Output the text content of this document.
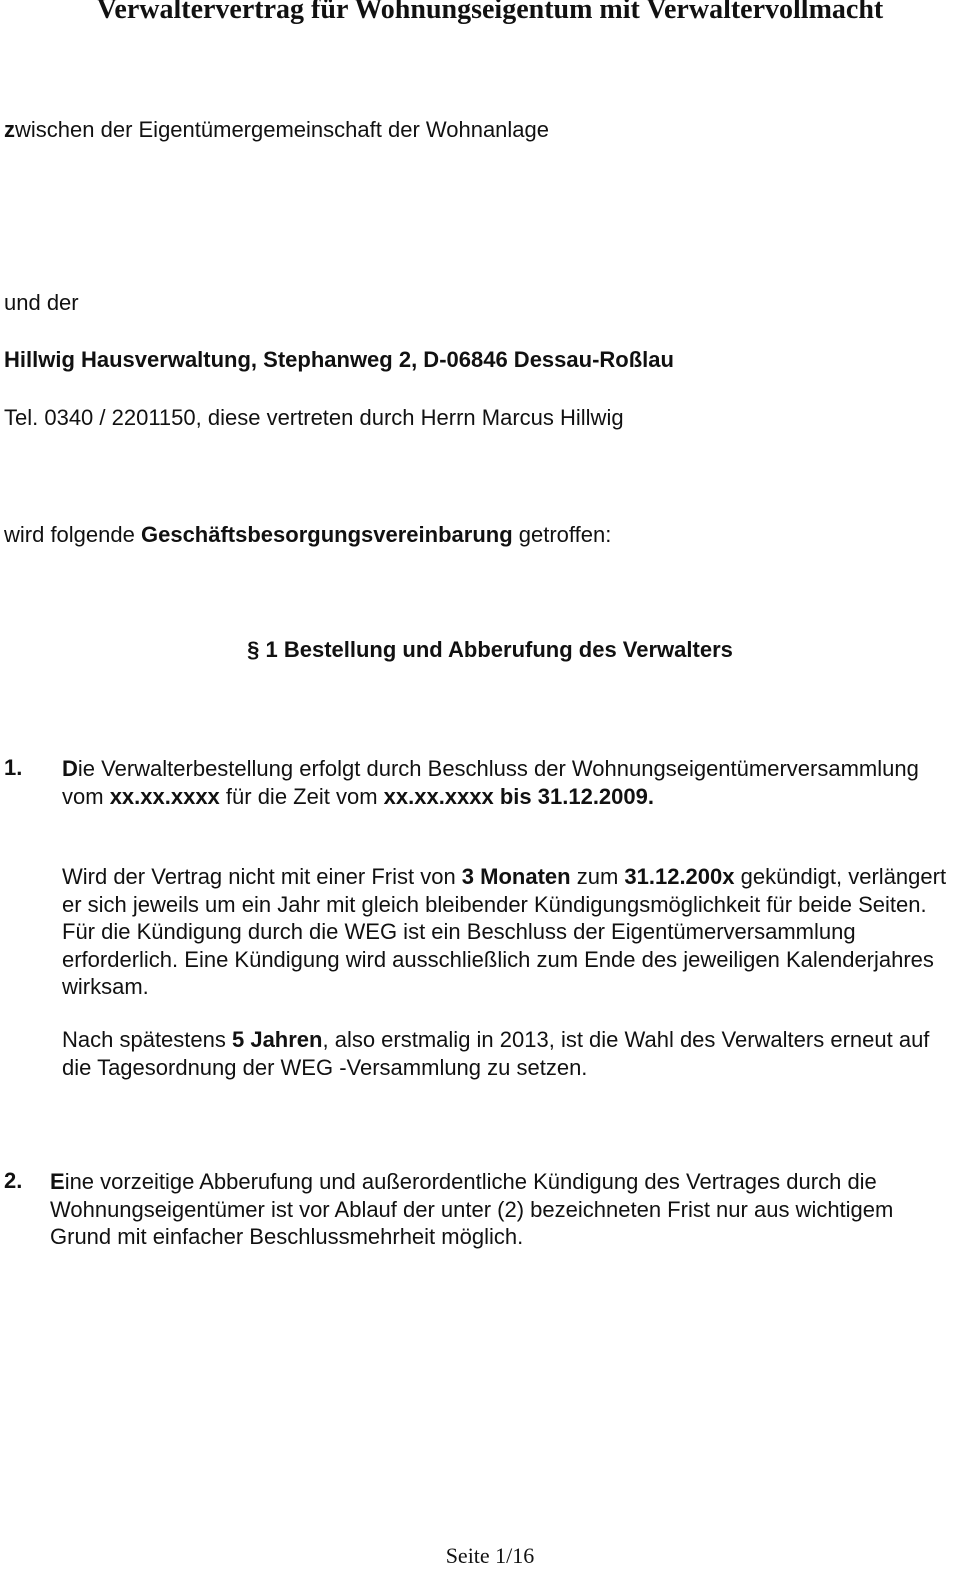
Verwaltervertrag für Wohnungseigentum mit Verwaltervollmacht
zwischen der Eigentümergemeinschaft der Wohnanlage
und der
Hillwig Hausverwaltung, Stephanweg 2, D-06846 Dessau-Roßlau
Tel. 0340 / 2201150, diese vertreten durch Herrn Marcus Hillwig
wird folgende Geschäftsbesorgungsvereinbarung getroffen:
§ 1 Bestellung und Abberufung des Verwalters
1. Die Verwalterbestellung erfolgt durch Beschluss der Wohnungseigentümerversammlung vom xx.xx.xxxx für die Zeit vom xx.xx.xxxx bis 31.12.2009.
Wird der Vertrag nicht mit einer Frist von 3 Monaten zum 31.12.200x gekündigt, verlängert er sich jeweils um ein Jahr mit gleich bleibender Kündigungsmöglichkeit für beide Seiten. Für die Kündigung durch die WEG ist ein Beschluss der Eigentümerversammlung erforderlich. Eine Kündigung wird ausschließlich zum Ende des jeweiligen Kalenderjahres wirksam.
Nach spätestens 5 Jahren, also erstmalig in 2013, ist die Wahl des Verwalters erneut auf die Tagesordnung der WEG -Versammlung zu setzen.
2. Eine vorzeitige Abberufung und außerordentliche Kündigung des Vertrages durch die Wohnungseigentümer ist vor Ablauf der unter (2) bezeichneten Frist nur aus wichtigem Grund mit einfacher Beschlussmehrheit möglich.
Seite 1/16
